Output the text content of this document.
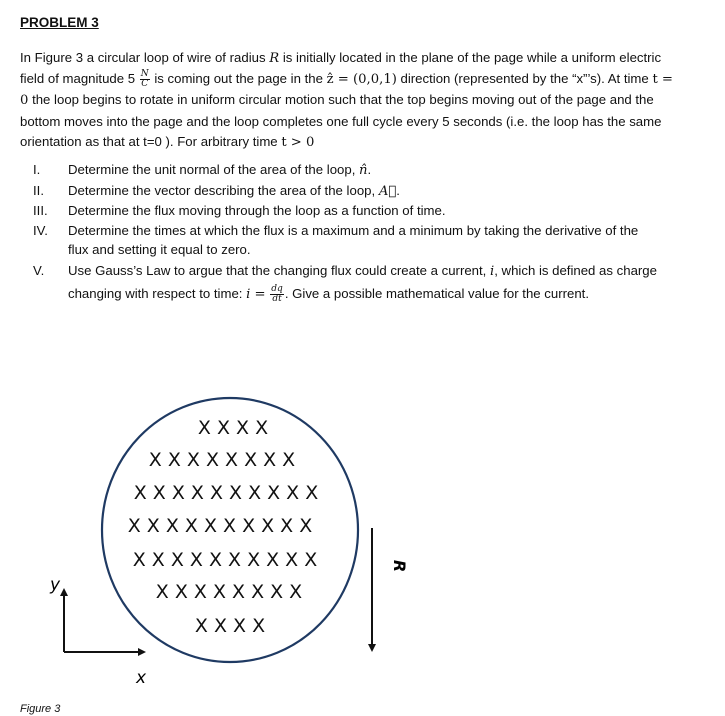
PROBLEM 3

In Figure 3 a circular loop of wire of radius R is initially located in the plane of the page while a uniform electric field of magnitude $5 \frac{N}{C}$ is coming out the page in the ẑ = (0,0,1) direction (represented by the “x”’s). At time t = 0 the loop begins to rotate in uniform circular motion such that the top begins moving out of the page and the bottom moves into the page and the loop completes one full cycle every 5 seconds (i.e. the loop has the same orientation as that at t=0 ). For arbitrary time t > 0

I. Determine the unit normal of the area of the loop, n̂.
II. Determine the vector describing the area of the loop, A⃗.
III. Determine the flux moving through the loop as a function of time.
IV. Determine the times at which the flux is a maximum and a minimum by taking the derivative of the flux and setting it equal to zero.
V. Use Gauss’s Law to argue that the changing flux could create a current, i, which is defined as charge changing with respect to time: $i = \frac{dq}{dt}$ . Give a possible mathematical value for the current.
X X X X
X X X X X X X X
X X X X X X X X X X
X X X X X X X X X X
X X X X X X X X X X
X X X X X X X X
X X X X
y
x
R
Figure 3
